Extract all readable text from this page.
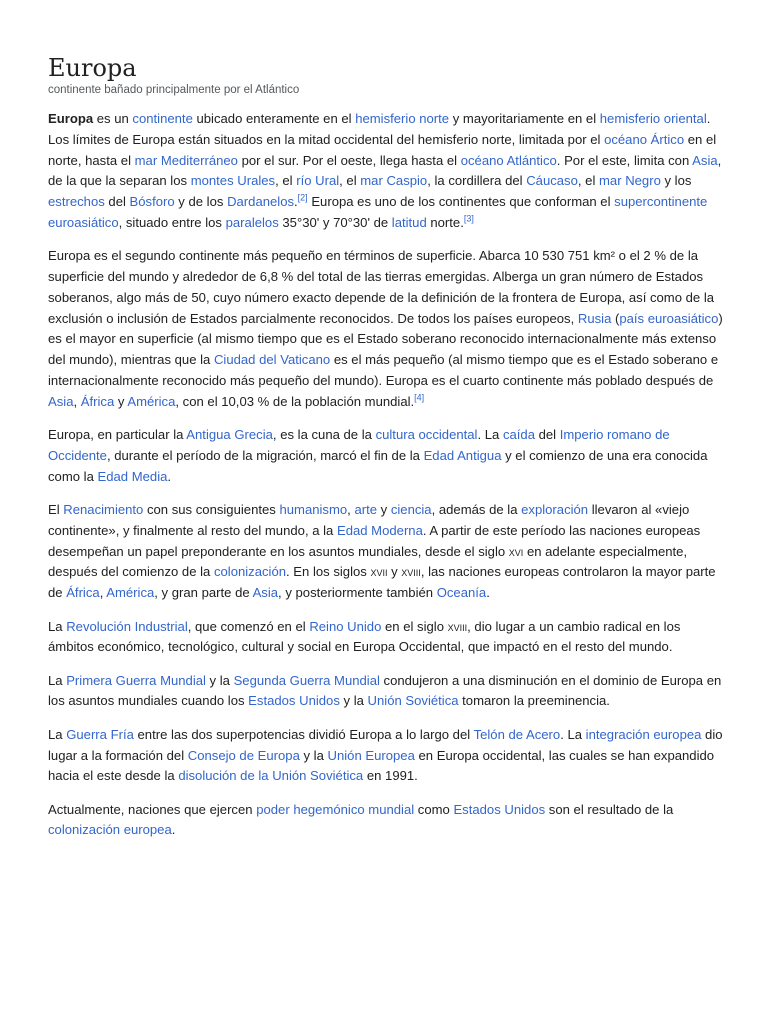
Europa
continente bañado principalmente por el Atlántico

Europa es un continente ubicado enteramente en el hemisferio norte y mayoritariamente en el hemisferio oriental. Los límites de Europa están situados en la mitad occidental del hemisferio norte, limitada por el océano Ártico en el norte, hasta el mar Mediterráneo por el sur. Por el oeste, llega hasta el océano Atlántico. Por el este, limita con Asia, de la que la separan los montes Urales, el río Ural, el mar Caspio, la cordillera del Cáucaso, el mar Negro y los estrechos del Bósforo y de los Dardanelos.[2] Europa es uno de los continentes que conforman el supercontinente euroasiático, situado entre los paralelos 35°30' y 70°30' de latitud norte.[3]

Europa es el segundo continente más pequeño en términos de superficie. Abarca 10 530 751 km² o el 2 % de la superficie del mundo y alrededor de 6,8 % del total de las tierras emergidas. Alberga un gran número de Estados soberanos, algo más de 50, cuyo número exacto depende de la definición de la frontera de Europa, así como de la exclusión o inclusión de Estados parcialmente reconocidos. De todos los países europeos, Rusia (país euroasiático) es el mayor en superficie (al mismo tiempo que es el Estado soberano reconocido internacionalmente más extenso del mundo), mientras que la Ciudad del Vaticano es el más pequeño (al mismo tiempo que es el Estado soberano e internacionalmente reconocido más pequeño del mundo). Europa es el cuarto continente más poblado después de Asia, África y América, con el 10,03 % de la población mundial.[4]

Europa, en particular la Antigua Grecia, es la cuna de la cultura occidental. La caída del Imperio romano de Occidente, durante el período de la migración, marcó el fin de la Edad Antigua y el comienzo de una era conocida como la Edad Media.

El Renacimiento con sus consiguientes humanismo, arte y ciencia, además de la exploración llevaron al «viejo continente», y finalmente al resto del mundo, a la Edad Moderna. A partir de este período las naciones europeas desempeñan un papel preponderante en los asuntos mundiales, desde el siglo xvi en adelante especialmente, después del comienzo de la colonización. En los siglos xvii y xviii, las naciones europeas controlaron la mayor parte de África, América, y gran parte de Asia, y posteriormente también Oceanía.

La Revolución Industrial, que comenzó en el Reino Unido en el siglo xviii, dio lugar a un cambio radical en los ámbitos económico, tecnológico, cultural y social en Europa Occidental, que impactó en el resto del mundo.

La Primera Guerra Mundial y la Segunda Guerra Mundial condujeron a una disminución en el dominio de Europa en los asuntos mundiales cuando los Estados Unidos y la Unión Soviética tomaron la preeminencia.

La Guerra Fría entre las dos superpotencias dividió Europa a lo largo del Telón de Acero. La integración europea dio lugar a la formación del Consejo de Europa y la Unión Europea en Europa occidental, las cuales se han expandido hacia el este desde la disolución de la Unión Soviética en 1991.

Actualmente, naciones que ejercen poder hegemónico mundial como Estados Unidos son el resultado de la colonización europea.
